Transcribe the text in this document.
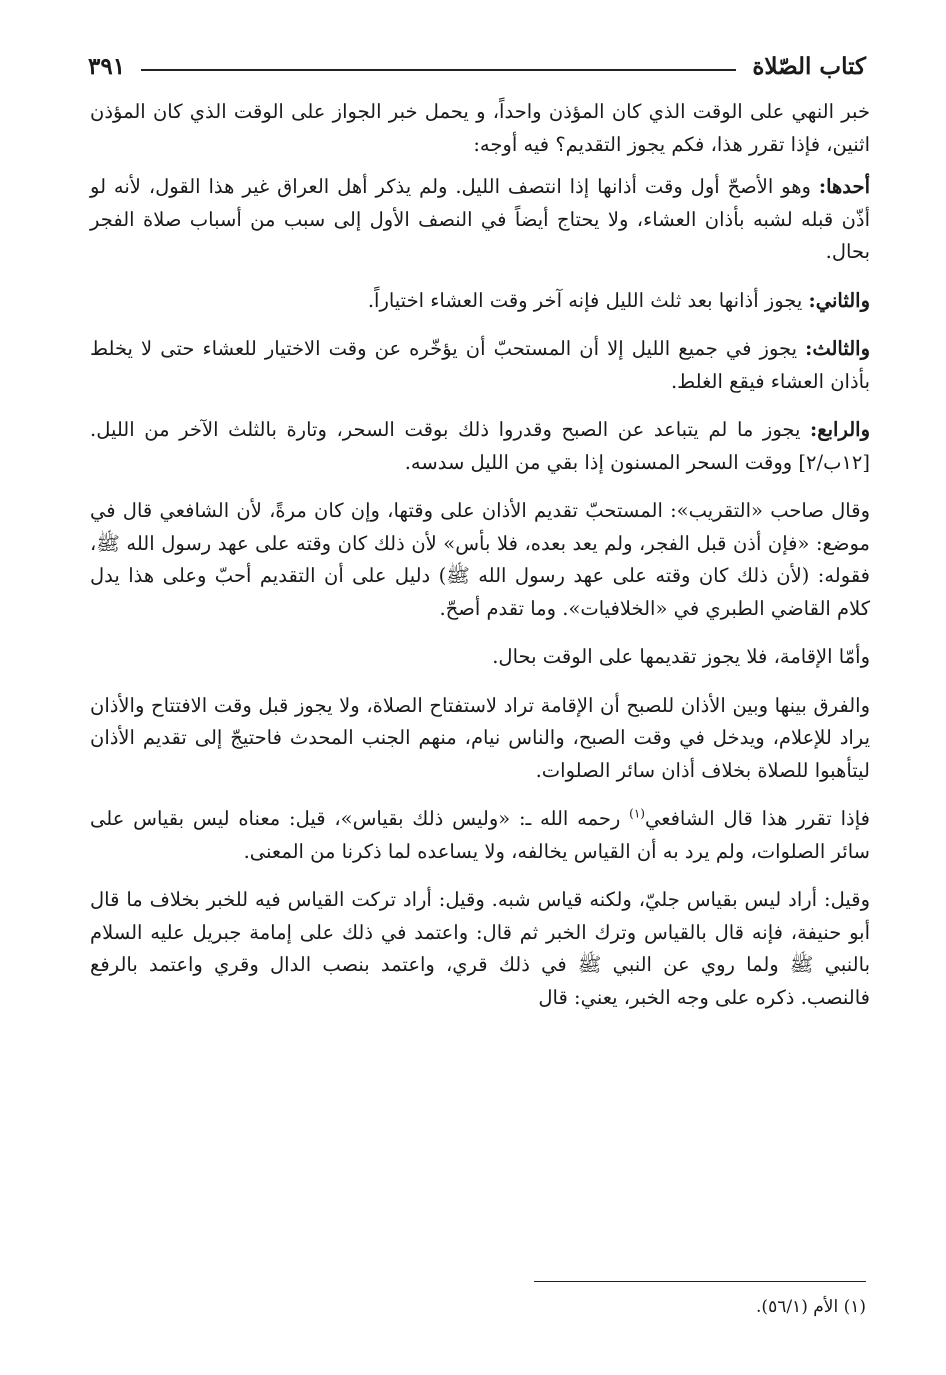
كتاب الصّلاة
٣٩١

خبر النهي على الوقت الذي كان المؤذن واحداً، و يحمل خبر الجواز على الوقت الذي كان المؤذن اثنين، فإذا تقرر هذا، فكم يجوز التقديم؟ فيه أوجه:

أحدها: وهو الأصحّ أول وقت أذانها إذا انتصف الليل. ولم يذكر أهل العراق غير هذا القول، لأنه لو أذّن قبله لشبه بأذان العشاء، ولا يحتاج أيضاً في النصف الأول إلى سبب من أسباب صلاة الفجر بحال.

والثاني: يجوز أذانها بعد ثلث الليل فإنه آخر وقت العشاء اختياراً.

والثالث: يجوز في جميع الليل إلا أن المستحبّ أن يؤخّره عن وقت الاختيار للعشاء حتى لا يخلط بأذان العشاء فيقع الغلط.

والرابع: يجوز ما لم يتباعد عن الصبح وقدروا ذلك بوقت السحر، وتارة بالثلث الآخر من الليل. [١٢ب/٢] ووقت السحر المسنون إذا بقي من الليل سدسه.

وقال صاحب «التقريب»: المستحبّ تقديم الأذان على وقتها، وإن كان مرةً، لأن الشافعي قال في موضع: «فإن أذن قبل الفجر، ولم يعد بعده، فلا بأس» لأن ذلك كان وقته على عهد رسول الله ﷺ، فقوله: (لأن ذلك كان وقته على عهد رسول الله ﷺ) دليل على أن التقديم أحبّ وعلى هذا يدل كلام القاضي الطبري في «الخلافيات». وما تقدم أصحّ.

وأمّا الإقامة، فلا يجوز تقديمها على الوقت بحال.

والفرق بينها وبين الأذان للصبح أن الإقامة تراد لاستفتاح الصلاة، ولا يجوز قبل وقت الافتتاح والأذان يراد للإعلام، ويدخل في وقت الصبح، والناس نيام، منهم الجنب المحدث فاحتيجّ إلى تقديم الأذان ليتأهبوا للصلاة بخلاف أذان سائر الصلوات.

فإذا تقرر هذا قال الشافعي$^{(١)}$ رحمه الله ـ: «وليس ذلك بقياس»، قيل: معناه ليس بقياس على سائر الصلوات، ولم يرد به أن القياس يخالفه، ولا يساعده لما ذكرنا من المعنى.

وقيل: أراد ليس بقياس جليّ، ولكنه قياس شبه. وقيل: أراد تركت القياس فيه للخبر بخلاف ما قال أبو حنيفة، فإنه قال بالقياس وترك الخبر ثم قال: واعتمد في ذلك على إمامة جبريل عليه السلام بالنبي ﷺ ولما روي عن النبي ﷺ في ذلك قري، واعتمد بنصب الدال وقري واعتمد بالرفع فالنصب. ذكره على وجه الخبر، يعني: قال

(١) الأم (٥٦/١).
